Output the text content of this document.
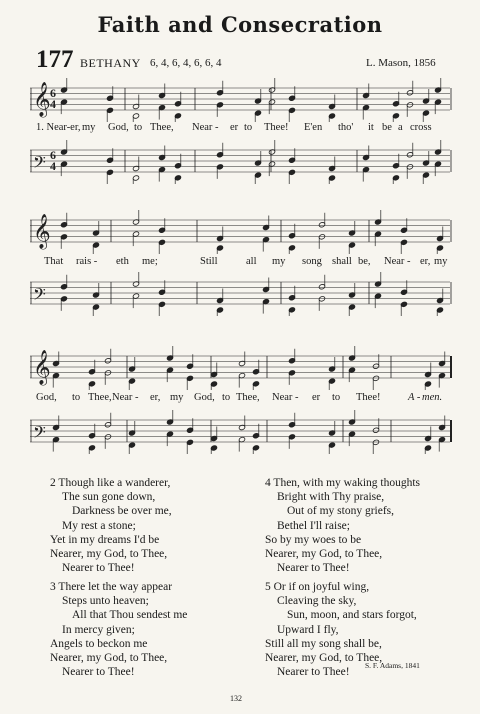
Faith and Consecration
177 BETHANY 6, 4, 6, 4, 6, 6, 4	L. Mason, 1856
𝄞 6
4
1. Near-er, my God, to Thee, Near - er to Thee! E'en tho' it be a cross
𝄢 6
4
𝄞
That rais - eth me;	Still	all my song shall be, Near - er, my
𝄢
𝄞
God, to Thee, Near - er, my God, to Thee, Near - er to Thee!	A - men.
𝄢
2 Though like a wanderer,
The sun gone down,
Darkness be over me,
My rest a stone;
Yet in my dreams I'd be
Nearer, my God, to Thee,
Nearer to Thee!
4 Then, with my waking thoughts
Bright with Thy praise,
Out of my stony griefs,
Bethel I'll raise;
So by my woes to be
Nearer, my God, to Thee,
Nearer to Thee!
3 There let the way appear
Steps unto heaven;
All that Thou sendest me
In mercy given;
Angels to beckon me
Nearer, my God, to Thee,
Nearer to Thee!
5 Or if on joyful wing,
Cleaving the sky,
Sun, moon, and stars forgot,
Upward I fly,
Still all my song shall be,
Nearer, my God, to Thee,
Nearer to Thee!
S. F. Adams, 1841
132
